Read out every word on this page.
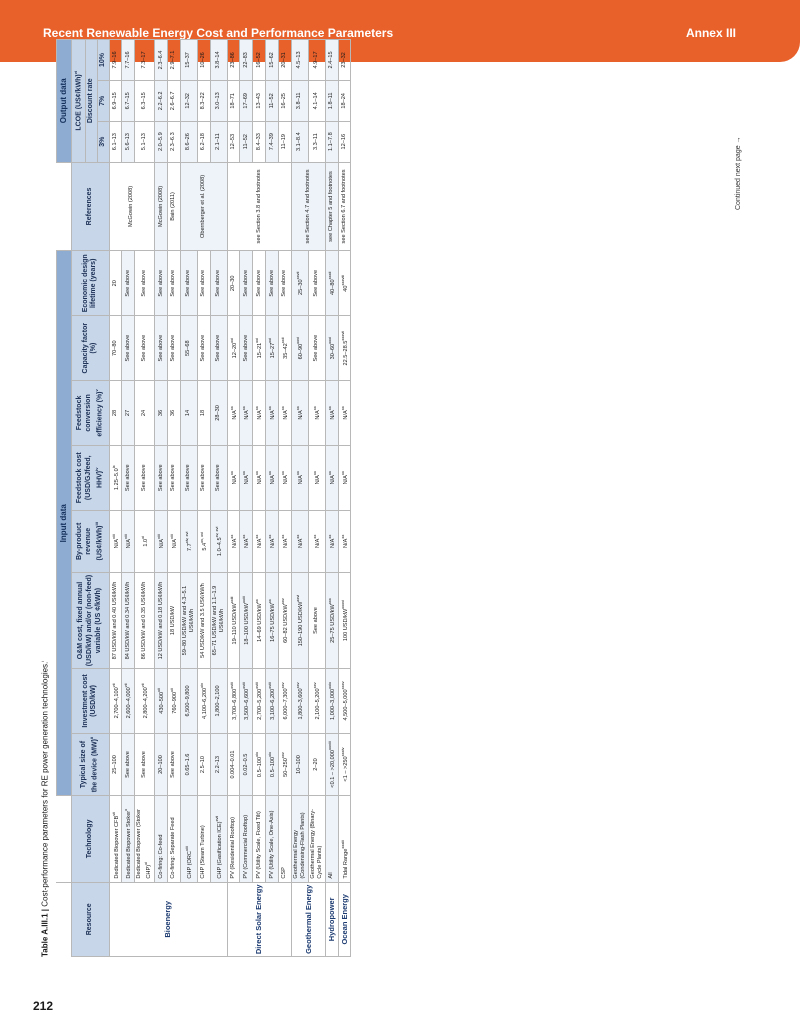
Recent Renewable Energy Cost and Performance Parameters	Annex III
Table A.III.1 | Cost-performance parameters for RE power generation technologies.$^i$
		Input data									Output data		
Resource	Technology	Typical size of the device (MW)$^{ii}$	Investment cost (USD/kW)	O&M cost, fixed annual (USD/kW) and/or (non-feed) variable (US ¢/kWh)	By-product revenue (US¢/kWh)$^{iii}$	Feedstock cost (USD/GJfeed, HHV)$^{iv}$	Feedstock conversion efficiency (%)$^v$	Capacity factor (%)	Economic design lifetime (years)	References	LCOE (US¢/kWh)$^{vi}$
											Discount rate		
											3%	7%	10%
Bioenergy	Dedicated Biopower CFB$^{vii}$	25–100	2,700–4,100$^{vii}$	87 USD/kW and 0.40 US¢/kWh	$N/A^{viii}$	1.25–5.0$^{ix}$	28	70–80	20	McGowin (2008)	6.1–13	6.9–15	7.9–16
	Dedicated Biopower Stoker$^x$	See above	2,600–4,000$^{vii}$	84 USD/kW and 0.34 US¢/kWh	$N/A^{viii}$	See above	27	See above	See above		5.6–13	6.7–15	7.7–16
	Dedicated Biopower (Stoker CHP)$^{xi}$	See above	2,800–4,200$^{vii}$	86 USD/kW and 0.35 US¢/kWh	1.0$^{xi}$	See above	24	See above	See above		5.1–13	6.3–15	7.3–17
	Co-firing: Co-feed	20–100	430–500$^{xii}$	12 USD/kW and 0.18 US¢/kWh	$N/A^{viii}$	See above	36	See above	See above	McGowin (2008)	2.0–5.9	2.2–6.2	2.3–6.4
	Co-firing: Separate Feed	See above	760–900$^{xii}$	18 USD/kW	$N/A^{viii}$	See above	36	See above	See above	Bain (2011)	2.3–6.3	2.6–6.7	2.9–7.1
	CHP (ORC$^{xiii}$	0.65–1.6	6,500–9,800	59–80 USD/kW and 4.3–5.1 US¢/kWh	$7.7^{xiv, xvi}$	See above	14	55–68	See above	Obernberger et al. (2008)	8.6–26	12–32	15–37
	CHP (Steam Turbine)	2.5–10	4,100–6,200$^{xiv}$	54 USD/kW and 3.5 US¢/kWh	$5.4^{xv, xvi}$	See above	18	See above	See above		6.2–18	8.3–22	10–26
	CHP (Gasification ICE)$^{xvii}$	2.2–13	1,800–2,100	65–71 USD/kW and 1.1–1.9 US¢/kWh	$1.0-4.5^{xv, xvi}$	See above	28–30	See above	See above		2.1–11	3.0–13	3.8–14
Direct Solar Energy	PV (Residential Rooftop)	0.004–0.01	$3,700-6,800^{xviii}$	19–110 USD/$kW^{xxiii}$	$N/A^{xx}$	$N/A^{xx}$	$N/A^{xx}$	12–20$^{xxi}$	20–30	see Section 3.8 and footnotes	12–53	18–71	23–86
	PV (Commercial Rooftop)	0.02–0.5	$3,500-6,600^{xviii}$	18–100 USD/$kW^{xxiii}$	$N/A^{xx}$	$N/A^{xx}$	$N/A^{xx}$	See above	See above		11–52	17–69	22–83
	PV (Utility Scale, Fixed Tilt)	0.5–100$^{xix}$	$2,700-5,200^{xviii}$	14–69 USD/$kW^{xx}$	$N/A^{xx}$	$N/A^{xx}$	$N/A^{xx}$	15–21$^{xxi}$	See above		8.4–33	13–43	16–52
	PV (Utility Scale, One-Axis)	0.5–100$^{xix}$	$3,100-6,200^{xviii}$	16–75 USD/$kW^{xx}$	$N/A^{xx}$	$N/A^{xx}$	$N/A^{xx}$	15–27$^{xxi}$	See above		7.4–39	11–52	15–62
	CSP	50–250$^{xxv}$	6,000–7,300$^{xxv}$	60–82 USD/$kW^{xxv}$	$N/A^{xx}$	$N/A^{xx}$	$N/A^{xx}$	35–42$^{xxii}$	See above		11–19	16–25	20–31
Geothermal Energy	Geothermal Energy (Condensing-Flash Plants)	10–100	1,800–3,600$^{xxv}$	150–190 USD/$kW^{xxvi}$	$N/A^{xx}$	$N/A^{xx}$	$N/A^{xx}$	60–90$^{xxvi}$	$25-30^{xxvii}$	see Section 4.7 and footnotes	3.1–8.4	3.8–11	4.5–13
	Geothermal Energy (Binary-Cycle Plants)	2–20	2,100–5,200$^{xxv}$	See above	$N/A^{xx}$	$N/A^{xx}$	$N/A^{xx}$	See above	See above		3.3–11	4.1–14	4.9–17
Hydropower	All	$<0.1 - >20,000^{xxviii}$	1,000–3,000$^{xxix}$	25–75 USD/$kW^{xxx}$	$N/A^{xx}$	$N/A^{xx}$	$N/A^{xx}$	30–60$^{xxxi}$	$40-80^{xxxii}$	see Chapter 5 and footnotes	1.1–7.8	1.8–11	2.4–15
Ocean Energy	Tidal Range$^{xxxiii}$	$<1 - >250^{xxxiv}$	4,500–5,000$^{xxxv}$	100 USD/$kW^{xxxvi}$	$N/A^{xx}$	$N/A^{xx}$	$N/A^{xx}$	$22.5-28.5^{xxxvii}$	$40^{xxxviii}$	see Section 6.7 and footnotes	12–16	18–24	23–32
Continued next page →
212
